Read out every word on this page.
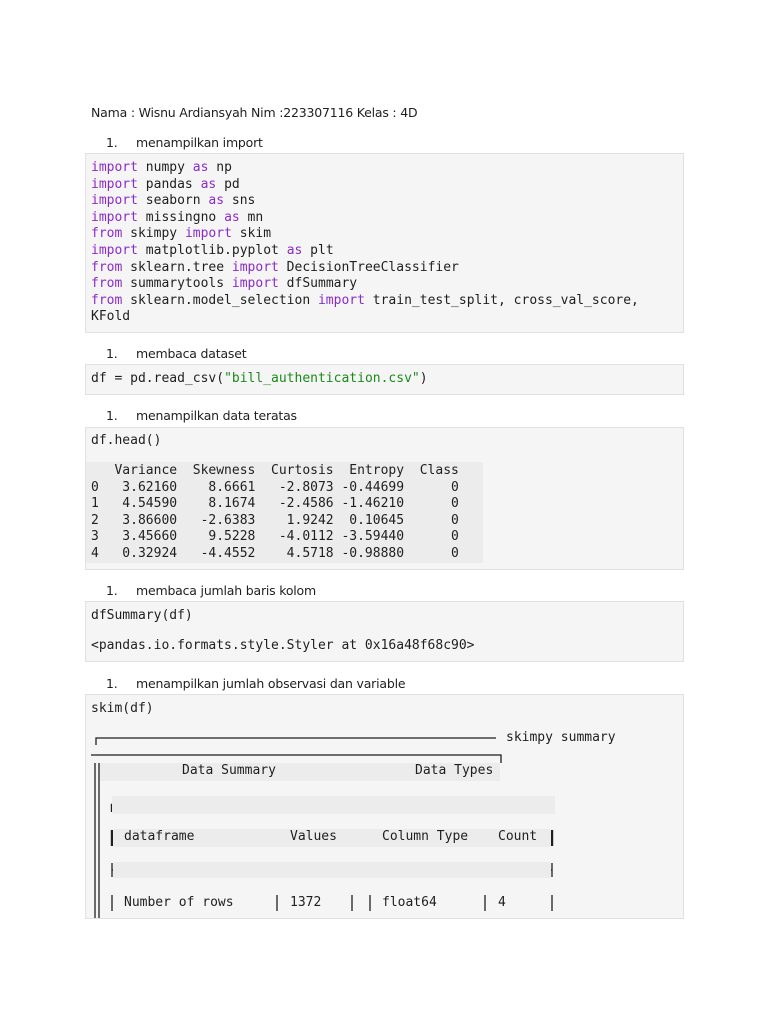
Nama : Wisnu Ardiansyah Nim :223307116 Kelas : 4D
1. menampilkan import
import numpy as np
import pandas as pd
import seaborn as sns
import missingno as mn
from skimpy import skim
import matplotlib.pyplot as plt
from sklearn.tree import DecisionTreeClassifier
from summarytools import dfSummary
from sklearn.model_selection import train_test_split, cross_val_score,
KFold
1. membaca dataset
df = pd.read_csv("bill_authentication.csv")
1. menampilkan data teratas
df.head()
Variance  Skewness  Curtosis  Entropy  Class
0   3.62160    8.6661   -2.8073 -0.44699      0
1   4.54590    8.1674   -2.4586 -1.46210      0
2   3.86600   -2.6383    1.9242  0.10645      0
3   3.45660    9.5228   -4.0112 -3.59440      0
4   0.32924   -4.4552    4.5718 -0.98880      0
1. membaca jumlah baris kolom
dfSummary(df)
<pandas.io.formats.style.Styler at 0x16a48f68c90>
1. menampilkan jumlah observasi dan variable
skim(df)
skimpy summary
Data Summary	Data Types
dataframe	Values	Column Type Count
Number of rows	1372	float64	4
